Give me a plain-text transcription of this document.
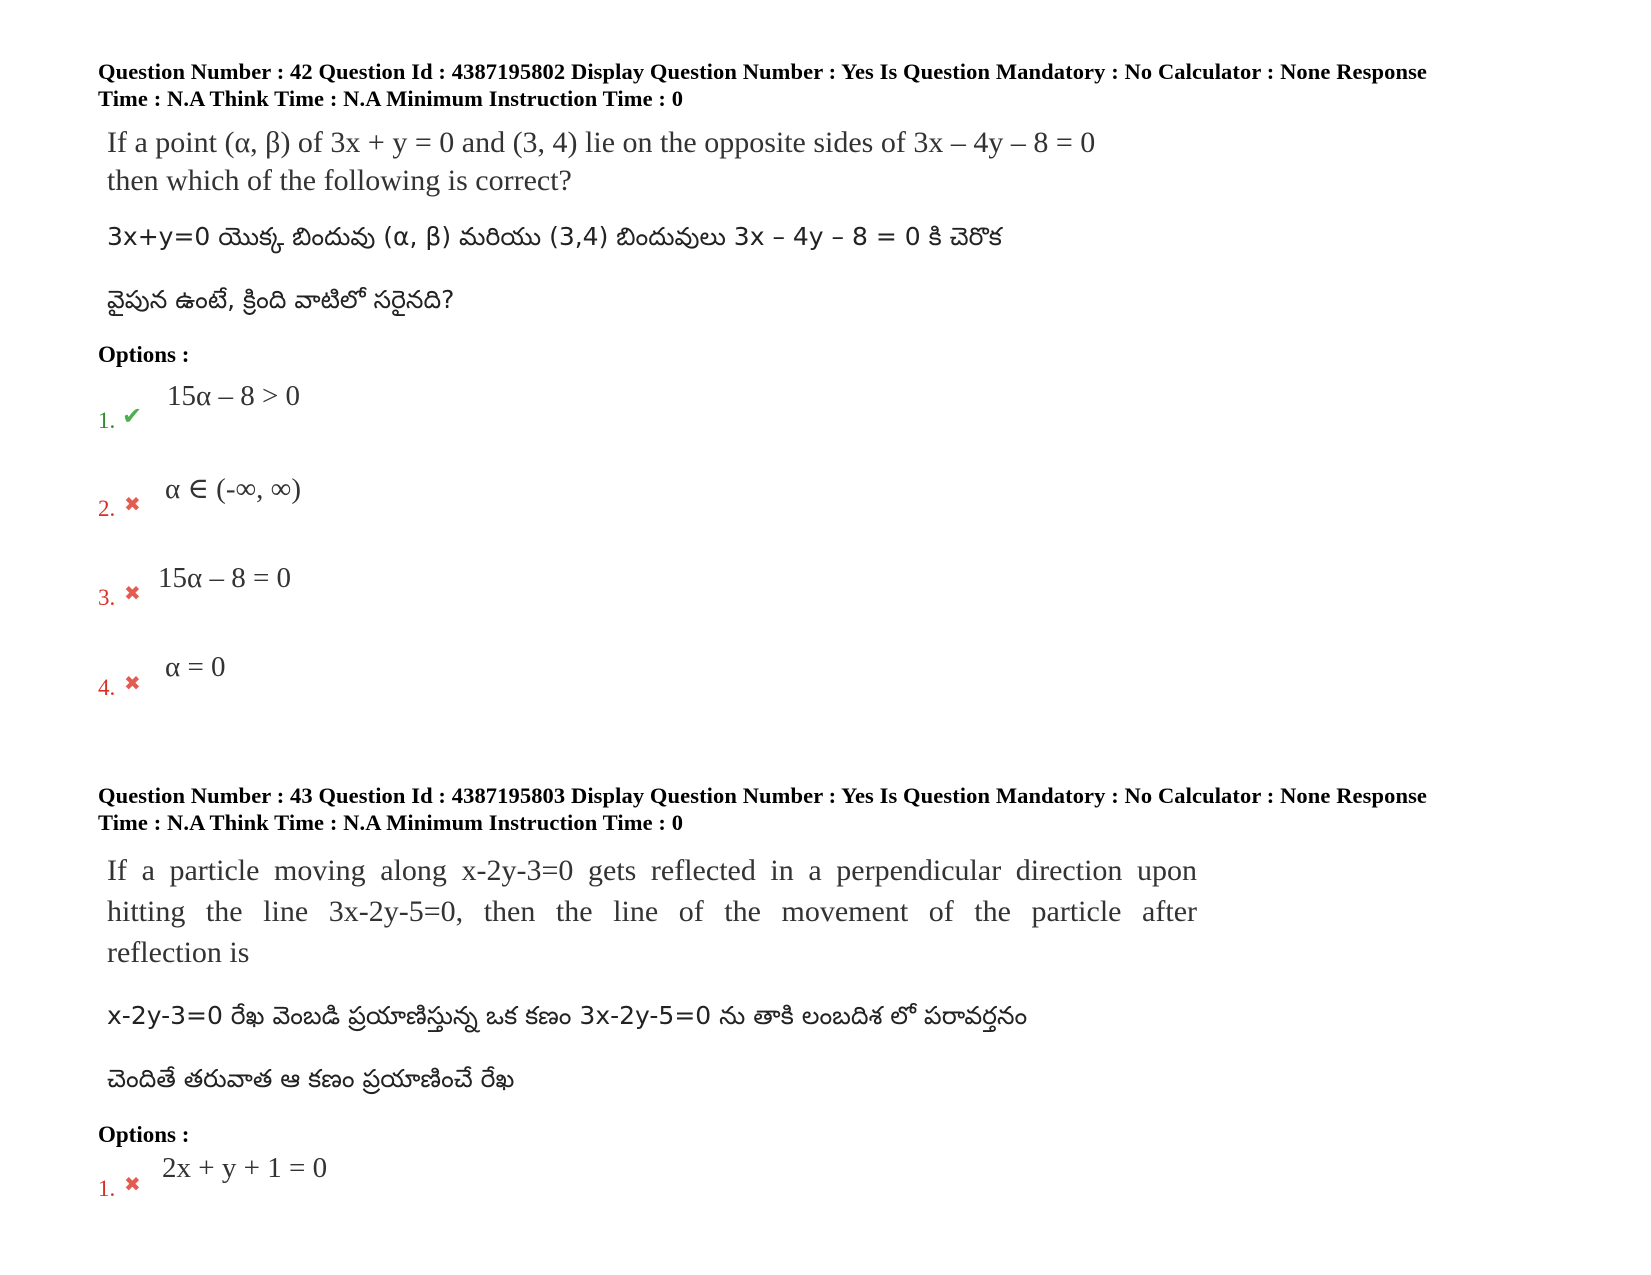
Question Number : 42 Question Id : 4387195802 Display Question Number : Yes Is Question Mandatory : No Calculator : None Response
Time : N.A Think Time : N.A Minimum Instruction Time : 0
If a point (α, β) of 3x + y = 0 and (3, 4) lie on the opposite sides of 3x – 4y – 8 = 0
then which of the following is correct?
3x+y=0 యొక్క బిందువు (α, β) మరియు (3,4) బిందువులు 3x – 4y – 8 = 0 కి చెరొక
వైపున ఉంటే, క్రింది వాటిలో సరైనది?
Options :
1. ✔
15α – 8 > 0
2. ✖ α ∈ (-∞, ∞)
3. ✖ 15α – 8 = 0
4. ✖ α = 0
Question Number : 43 Question Id : 4387195803 Display Question Number : Yes Is Question Mandatory : No Calculator : None Response
Time : N.A Think Time : N.A Minimum Instruction Time : 0
If a particle moving along x-2y-3=0 gets reflected in a perpendicular direction upon
hitting the line 3x-2y-5=0, then the line of the movement of the particle after
reflection is
x-2y-3=0 రేఖ వెంబడి ప్రయాణిస్తున్న ఒక కణం 3x-2y-5=0 ను తాకి లంబదిశ లో పరావర్తనం
చెందితే తరువాత ఆ కణం ప్రయాణించే రేఖ
Options :
1. ✖ 2x + y + 1 = 0
